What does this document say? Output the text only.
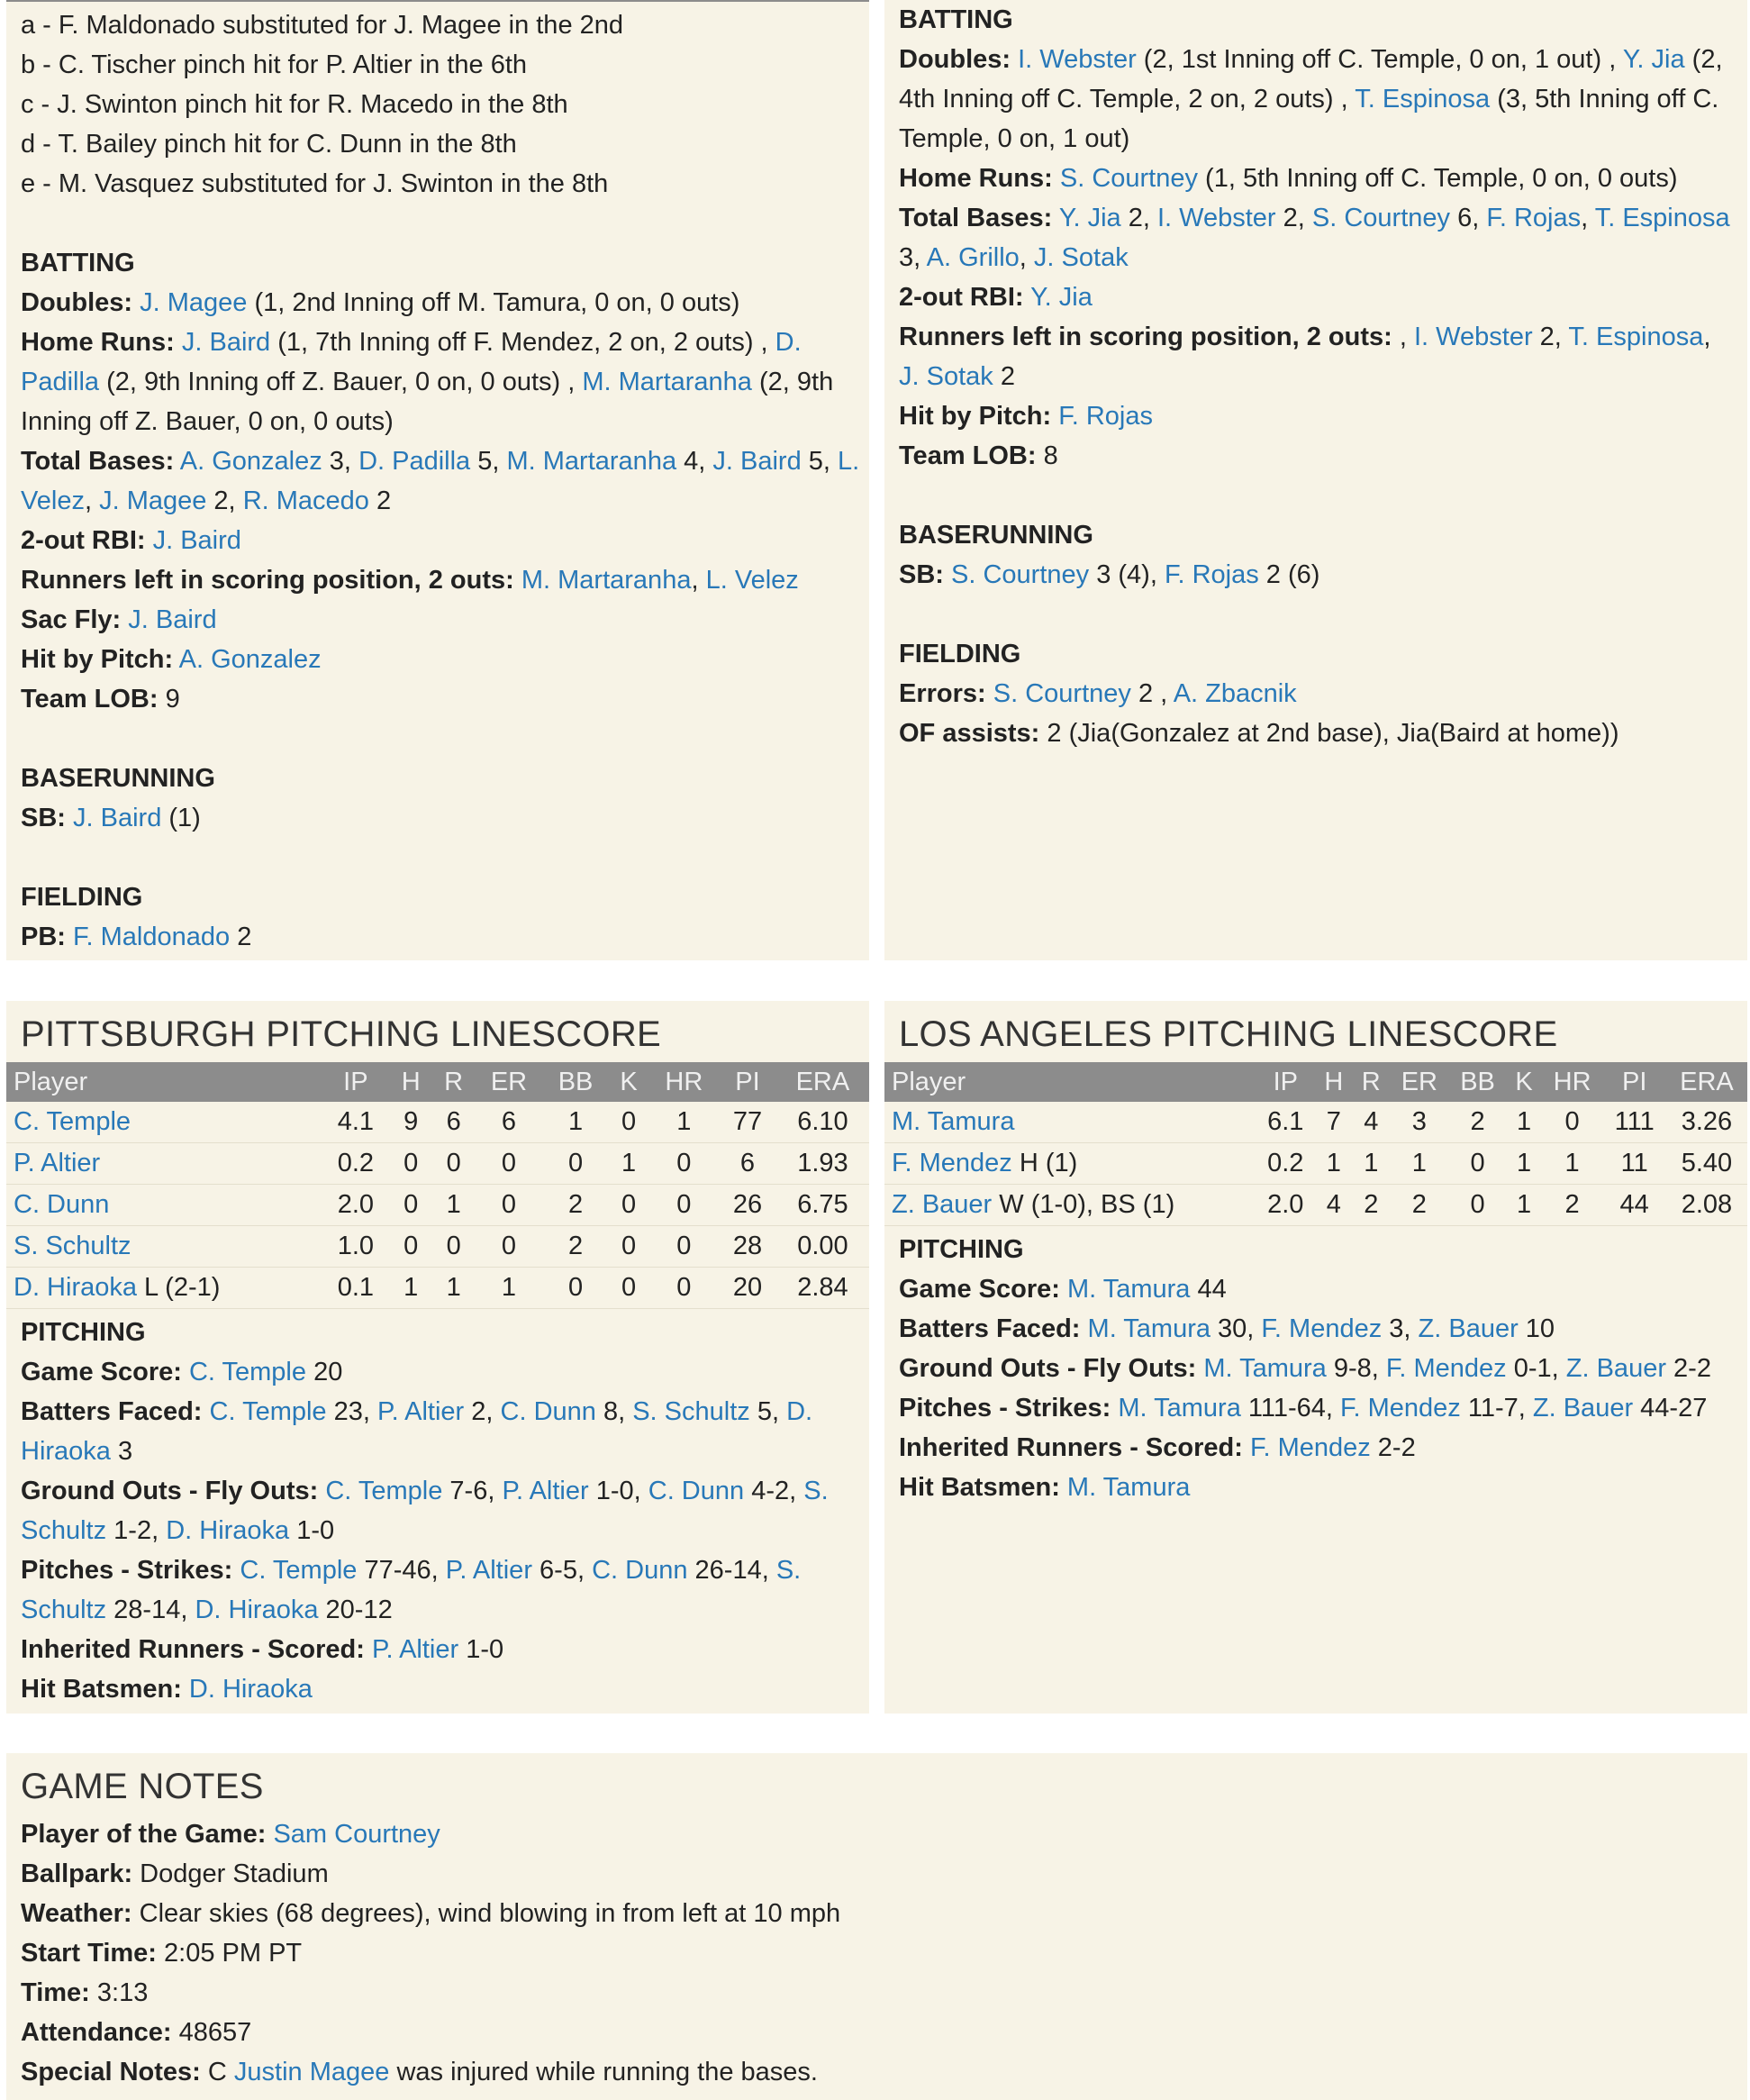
a - F. Maldonado substituted for J. Magee in the 2nd
b - C. Tischer pinch hit for P. Altier in the 6th
c - J. Swinton pinch hit for R. Macedo in the 8th
d - T. Bailey pinch hit for C. Dunn in the 8th
e - M. Vasquez substituted for J. Swinton in the 8th
BATTING
Doubles: J. Magee (1, 2nd Inning off M. Tamura, 0 on, 0 outs)
Home Runs: J. Baird (1, 7th Inning off F. Mendez, 2 on, 2 outs) , D. Padilla (2, 9th Inning off Z. Bauer, 0 on, 0 outs) , M. Martaranha (2, 9th Inning off Z. Bauer, 0 on, 0 outs)
Total Bases: A. Gonzalez 3, D. Padilla 5, M. Martaranha 4, J. Baird 5, L. Velez, J. Magee 2, R. Macedo 2
2-out RBI: J. Baird
Runners left in scoring position, 2 outs: M. Martaranha, L. Velez
Sac Fly: J. Baird
Hit by Pitch: A. Gonzalez
Team LOB: 9
BASERUNNING
SB: J. Baird (1)
FIELDING
PB: F. Maldonado 2
BATTING
Doubles: I. Webster (2, 1st Inning off C. Temple, 0 on, 1 out) , Y. Jia (2, 4th Inning off C. Temple, 2 on, 2 outs) , T. Espinosa (3, 5th Inning off C. Temple, 0 on, 1 out)
Home Runs: S. Courtney (1, 5th Inning off C. Temple, 0 on, 0 outs)
Total Bases: Y. Jia 2, I. Webster 2, S. Courtney 6, F. Rojas, T. Espinosa 3, A. Grillo, J. Sotak
2-out RBI: Y. Jia
Runners left in scoring position, 2 outs: , I. Webster 2, T. Espinosa, J. Sotak 2
Hit by Pitch: F. Rojas
Team LOB: 8
BASERUNNING
SB: S. Courtney 3 (4), F. Rojas 2 (6)
FIELDING
Errors: S. Courtney 2 , A. Zbacnik
OF assists: 2 (Jia(Gonzalez at 2nd base), Jia(Baird at home))
PITTSBURGH PITCHING LINESCORE
Player	IP	H	R	ER	BB	K	HR	PI	ERA
C. Temple	4.1	9	6	6	1	0	1	77	6.10
P. Altier	0.2	0	0	0	0	1	0	6	1.93
C. Dunn	2.0	0	1	0	2	0	0	26	6.75
S. Schultz	1.0	0	0	0	2	0	0	28	0.00
D. Hiraoka L (2-1)	0.1	1	1	1	0	0	0	20	2.84
PITCHING
Game Score: C. Temple 20
Batters Faced: C. Temple 23, P. Altier 2, C. Dunn 8, S. Schultz 5, D. Hiraoka 3
Ground Outs - Fly Outs: C. Temple 7-6, P. Altier 1-0, C. Dunn 4-2, S. Schultz 1-2, D. Hiraoka 1-0
Pitches - Strikes: C. Temple 77-46, P. Altier 6-5, C. Dunn 26-14, S. Schultz 28-14, D. Hiraoka 20-12
Inherited Runners - Scored: P. Altier 1-0
Hit Batsmen: D. Hiraoka
LOS ANGELES PITCHING LINESCORE
Player	IP	H	R	ER	BB	K	HR	PI	ERA
M. Tamura	6.1	7	4	3	2	1	0	111	3.26
F. Mendez H (1)	0.2	1	1	1	0	1	1	11	5.40
Z. Bauer W (1-0), BS (1)	2.0	4	2	2	0	1	2	44	2.08
PITCHING
Game Score: M. Tamura 44
Batters Faced: M. Tamura 30, F. Mendez 3, Z. Bauer 10
Ground Outs - Fly Outs: M. Tamura 9-8, F. Mendez 0-1, Z. Bauer 2-2
Pitches - Strikes: M. Tamura 111-64, F. Mendez 11-7, Z. Bauer 44-27
Inherited Runners - Scored: F. Mendez 2-2
Hit Batsmen: M. Tamura
GAME NOTES
Player of the Game: Sam Courtney
Ballpark: Dodger Stadium
Weather: Clear skies (68 degrees), wind blowing in from left at 10 mph
Start Time: 2:05 PM PT
Time: 3:13
Attendance: 48657
Special Notes: C Justin Magee was injured while running the bases.
